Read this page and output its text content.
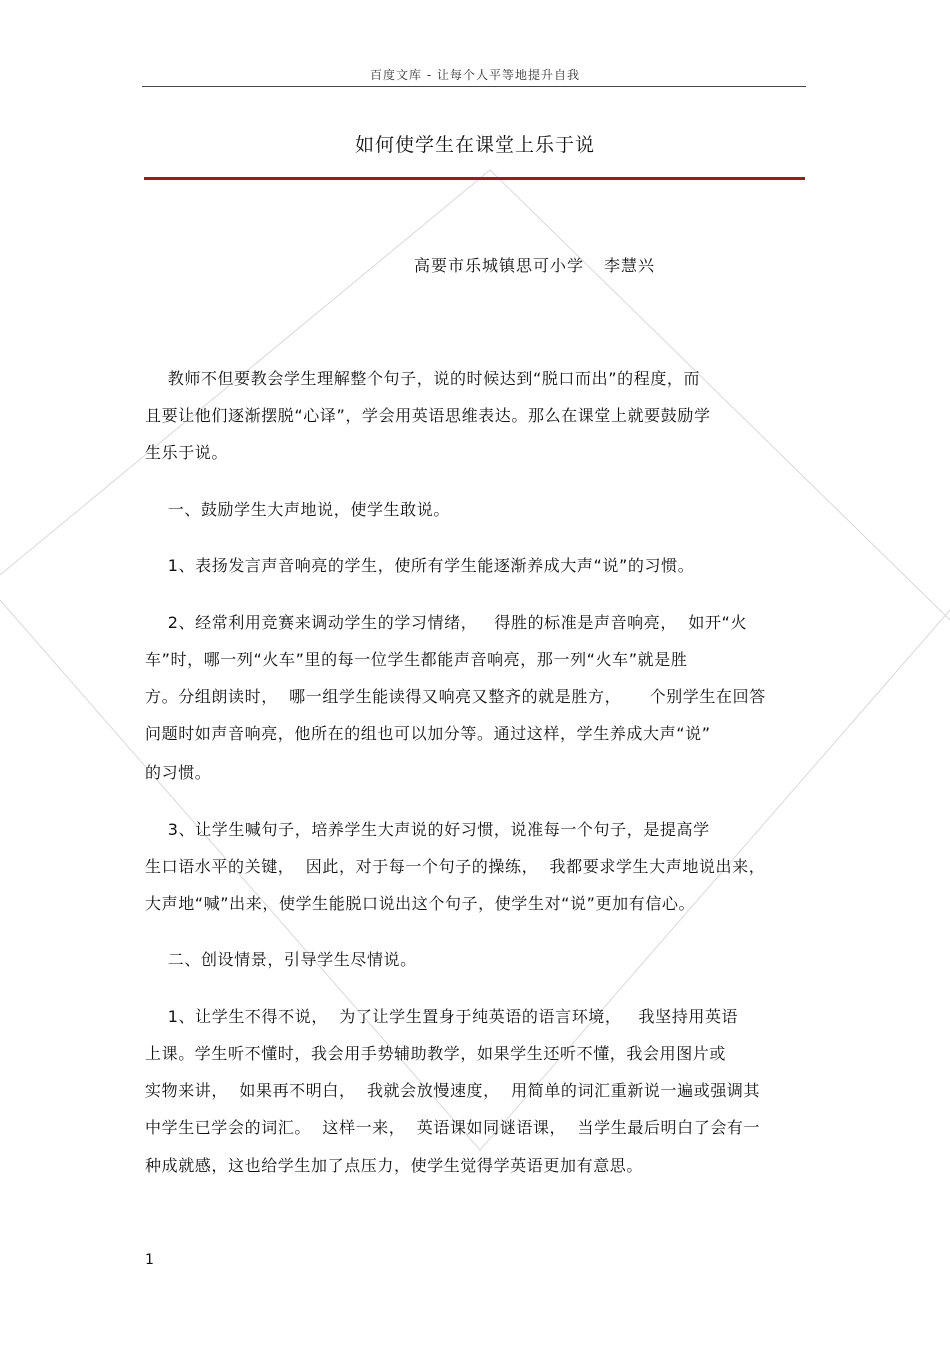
百度文库 - 让每个人平等地提升自我
如何使学生在课堂上乐于说
高要市乐城镇思可小学 李慧兴
教师不但要教会学生理解整个句子，说的时候达到“脱口而出”的程度，而
且要让他们逐渐摆脱“心译”，学会用英语思维表达。那么在课堂上就要鼓励学
生乐于说。
一、鼓励学生大声地说，使学生敢说。
1、表扬发言声音响亮的学生，使所有学生能逐渐养成大声“说”的习惯。
2、经常利用竞赛来调动学生的学习情绪，   得胜的标准是声音响亮，  如开“火
车”时，哪一列“火车”里的每一位学生都能声音响亮，那一列“火车”就是胜
方。分组朗读时，  哪一组学生能读得又响亮又整齐的就是胜方，     个别学生在回答
问题时如声音响亮，他所在的组也可以加分等。通过这样，学生养成大声“说”
的习惯。
3、让学生喊句子，培养学生大声说的好习惯，说准每一个句子，是提高学
生口语水平的关键，  因此，对于每一个句子的操练，  我都要求学生大声地说出来，
大声地“喊”出来，使学生能脱口说出这个句子，使学生对“说”更加有信心。
二、创设情景，引导学生尽情说。
1、让学生不得不说，  为了让学生置身于纯英语的语言环境，   我坚持用英语
上课。学生听不懂时，我会用手势辅助教学，如果学生还听不懂，我会用图片或
实物来讲，  如果再不明白，  我就会放慢速度，  用简单的词汇重新说一遍或强调其
中学生已学会的词汇。  这样一来，  英语课如同谜语课，  当学生最后明白了会有一
种成就感，这也给学生加了点压力，使学生觉得学英语更加有意思。
1
